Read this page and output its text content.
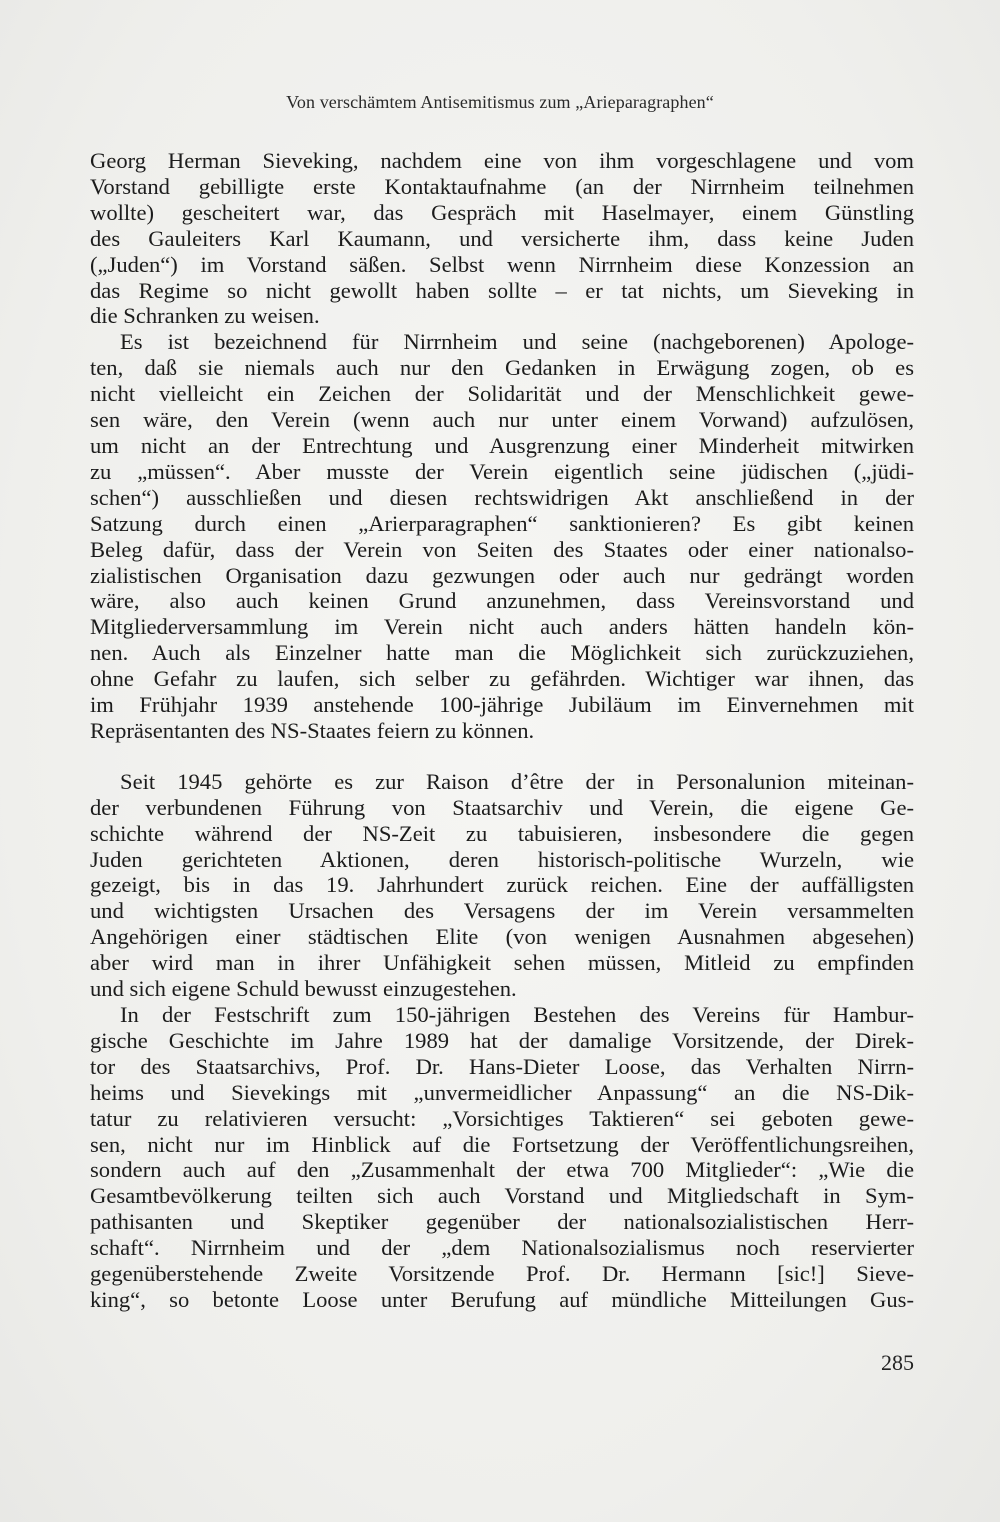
Von verschämtem Antisemitismus zum „Arieparagraphen“
Georg Herman Sieveking, nachdem eine von ihm vorgeschlagene und vom
Vorstand gebilligte erste Kontaktaufnahme (an der Nirrnheim teilnehmen
wollte) gescheitert war, das Gespräch mit Haselmayer, einem Günstling
des Gauleiters Karl Kaumann, und versicherte ihm, dass keine Juden
(„Juden“) im Vorstand säßen. Selbst wenn Nirrnheim diese Konzession an
das Regime so nicht gewollt haben sollte – er tat nichts, um Sieveking in
die Schranken zu weisen.
Es ist bezeichnend für Nirrnheim und seine (nachgeborenen) Apologe-
ten, daß sie niemals auch nur den Gedanken in Erwägung zogen, ob es
nicht vielleicht ein Zeichen der Solidarität und der Menschlichkeit gewe-
sen wäre, den Verein (wenn auch nur unter einem Vorwand) aufzulösen,
um nicht an der Entrechtung und Ausgrenzung einer Minderheit mitwirken
zu „müssen“. Aber musste der Verein eigentlich seine jüdischen („jüdi-
schen“) ausschließen und diesen rechtswidrigen Akt anschließend in der
Satzung durch einen „Arierparagraphen“ sanktionieren? Es gibt keinen
Beleg dafür, dass der Verein von Seiten des Staates oder einer nationalso-
zialistischen Organisation dazu gezwungen oder auch nur gedrängt worden
wäre, also auch keinen Grund anzunehmen, dass Vereinsvorstand und
Mitgliederversammlung im Verein nicht auch anders hätten handeln kön-
nen. Auch als Einzelner hatte man die Möglichkeit sich zurückzuziehen,
ohne Gefahr zu laufen, sich selber zu gefährden. Wichtiger war ihnen, das
im Frühjahr 1939 anstehende 100-jährige Jubiläum im Einvernehmen mit
Repräsentanten des NS-Staates feiern zu können.
Seit 1945 gehörte es zur Raison d’être der in Personalunion miteinan-
der verbundenen Führung von Staatsarchiv und Verein, die eigene Ge-
schichte während der NS-Zeit zu tabuisieren, insbesondere die gegen
Juden gerichteten Aktionen, deren historisch-politische Wurzeln, wie
gezeigt, bis in das 19. Jahrhundert zurück reichen. Eine der auffälligsten
und wichtigsten Ursachen des Versagens der im Verein versammelten
Angehörigen einer städtischen Elite (von wenigen Ausnahmen abgesehen)
aber wird man in ihrer Unfähigkeit sehen müssen, Mitleid zu empfinden
und sich eigene Schuld bewusst einzugestehen.
In der Festschrift zum 150-jährigen Bestehen des Vereins für Hambur-
gische Geschichte im Jahre 1989 hat der damalige Vorsitzende, der Direk-
tor des Staatsarchivs, Prof. Dr. Hans-Dieter Loose, das Verhalten Nirrn-
heims und Sievekings mit „unvermeidlicher Anpassung“ an die NS-Dik-
tatur zu relativieren versucht: „Vorsichtiges Taktieren“ sei geboten gewe-
sen, nicht nur im Hinblick auf die Fortsetzung der Veröffentlichungsreihen,
sondern auch auf den „Zusammenhalt der etwa 700 Mitglieder“: „Wie die
Gesamtbevölkerung teilten sich auch Vorstand und Mitgliedschaft in Sym-
pathisanten und Skeptiker gegenüber der nationalsozialistischen Herr-
schaft“. Nirrnheim und der „dem Nationalsozialismus noch reservierter
gegenüberstehende Zweite Vorsitzende Prof. Dr. Hermann [sic!] Sieve-
king“, so betonte Loose unter Berufung auf mündliche Mitteilungen Gus-
285
